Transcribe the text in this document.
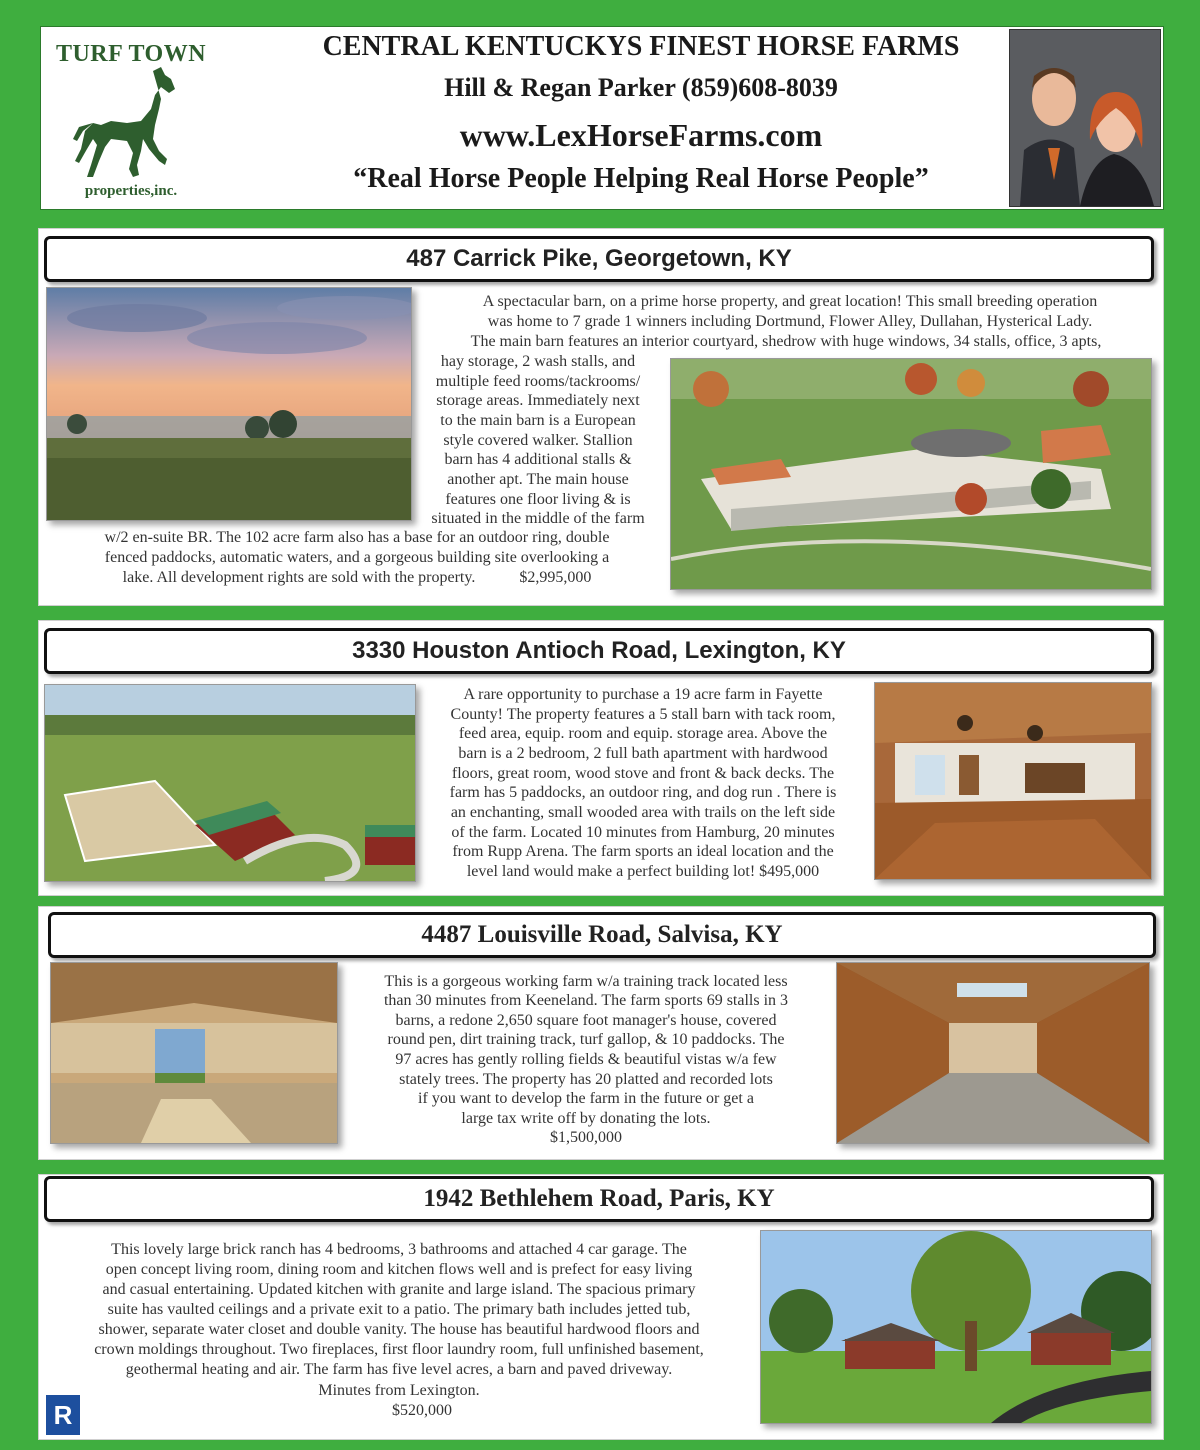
TURF TOWN
properties,inc.
CENTRAL KENTUCKYS FINEST HORSE FARMS
Hill & Regan Parker (859)608-8039
www.LexHorseFarms.com
“Real Horse People Helping Real Horse People”
487 Carrick Pike, Georgetown, KY
A spectacular barn, on a prime horse property, and great location! This small breeding operation
was home to 7 grade 1 winners including Dortmund, Flower Alley, Dullahan, Hysterical Lady.
The main barn features an interior courtyard, shedrow with huge windows, 34 stalls, office, 3 apts,
hay storage, 2 wash stalls, and
multiple feed rooms/tackrooms/
storage areas. Immediately next
to the main barn is a European
style covered walker. Stallion
barn has 4 additional stalls &
another apt. The main house
features one floor living & is
situated in the middle of the farm
w/2 en-suite BR. The 102 acre farm also has a base for an outdoor ring, double
fenced paddocks, automatic waters, and a gorgeous building site overlooking a
lake. All development rights are sold with the property.           $2,995,000
3330 Houston Antioch Road, Lexington, KY
A rare opportunity to purchase a 19 acre farm in Fayette
County! The property features a 5 stall barn with tack room,
feed area, equip. room and equip. storage area. Above the
barn is a 2 bedroom, 2 full bath apartment with hardwood
floors, great room, wood stove and front & back decks. The
farm has 5 paddocks, an outdoor ring, and dog run . There is
an enchanting, small wooded area with trails on the left side
of the farm. Located 10 minutes from Hamburg, 20 minutes
from Rupp Arena. The farm sports an ideal location and the
level land would make a perfect building lot! $495,000
4487 Louisville Road, Salvisa, KY
This is a gorgeous working farm w/a training track located less
than 30 minutes from Keeneland. The farm sports 69 stalls in 3
barns, a redone 2,650 square foot manager's house, covered
round pen, dirt training track, turf gallop, & 10 paddocks. The
97 acres has gently rolling fields & beautiful vistas w/a few
stately trees. The property has 20 platted and recorded lots
if you want to develop the farm in the future or get a
large tax write off by donating the lots.
$1,500,000
1942 Bethlehem Road, Paris, KY
This lovely large brick ranch has 4 bedrooms, 3 bathrooms and attached 4 car garage. The
open concept living room, dining room and kitchen flows well and is prefect for easy living
and casual entertaining. Updated kitchen with granite and large island. The spacious primary
suite has vaulted ceilings and a private exit to a patio. The primary bath includes jetted tub,
shower, separate water closet and double vanity. The house has beautiful hardwood floors and
crown moldings throughout. Two fireplaces, first floor laundry room, full unfinished basement,
geothermal heating and air. The farm has five level acres, a barn and paved driveway.
Minutes from Lexington.
$520,000
R
